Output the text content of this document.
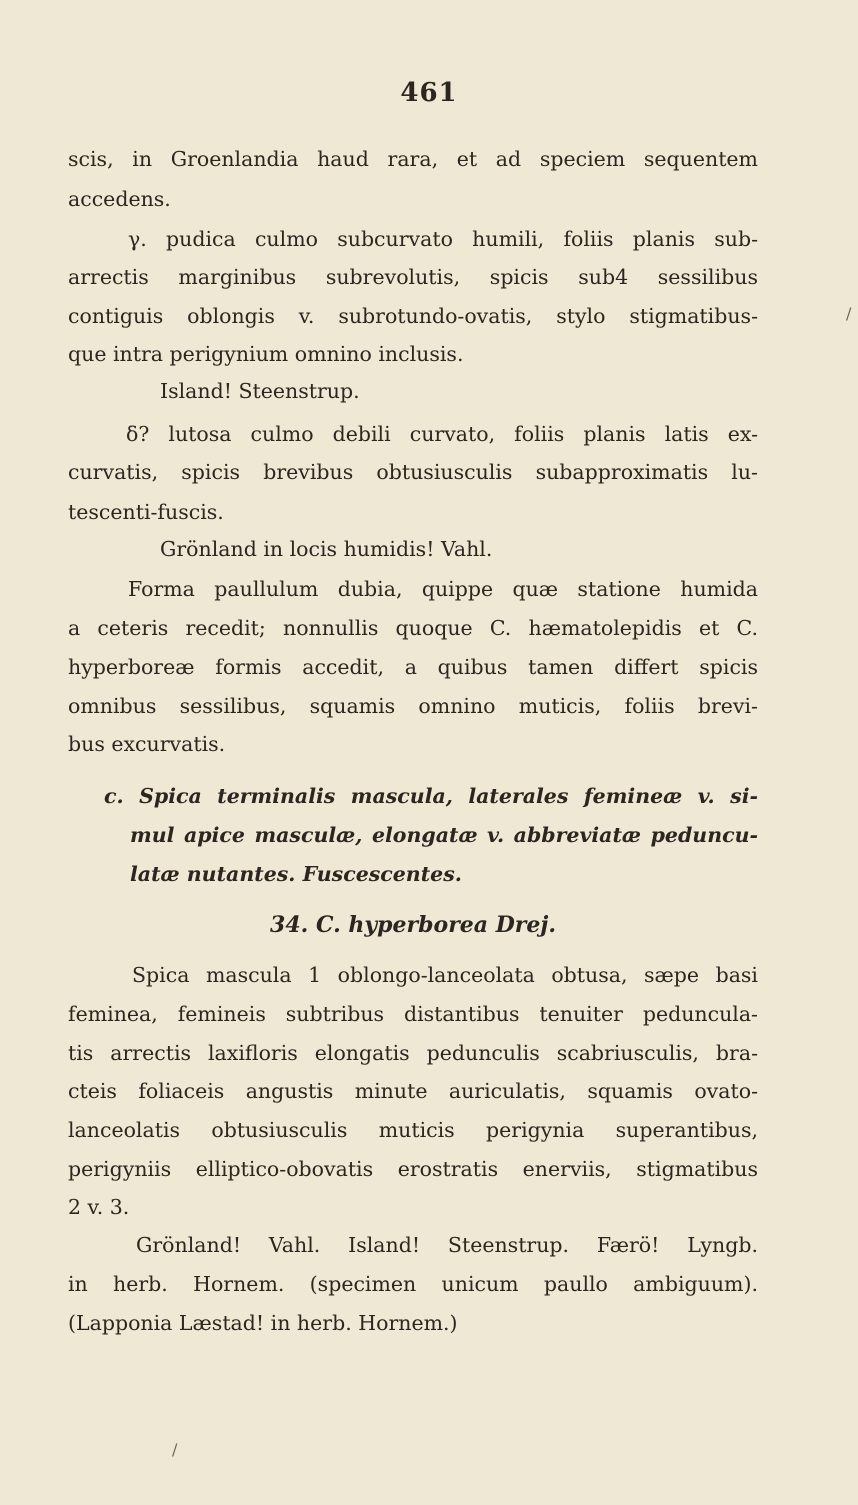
461
scis, in Groenlandia haud rara, et ad speciem sequentem
accedens.
γ. pudica culmo subcurvato humili, foliis planis sub-
arrectis marginibus subrevolutis, spicis sub4 sessilibus
contiguis oblongis v. subrotundo-ovatis, stylo stigmatibus-
que intra perigynium omnino inclusis.
Island! Steenstrup.
δ? lutosa culmo debili curvato, foliis planis latis ex-
curvatis, spicis brevibus obtusiusculis subapproximatis lu-
tescenti-fuscis.
Grönland in locis humidis! Vahl.
Forma paullulum dubia, quippe quæ statione humida
a ceteris recedit; nonnullis quoque C. hæmatolepidis et C.
hyperboreæ formis accedit, a quibus tamen differt spicis
omnibus sessilibus, squamis omnino muticis, foliis brevi-
bus excurvatis.
c. Spica terminalis mascula, laterales femineæ v. si-
mul apice masculæ, elongatæ v. abbreviatæ peduncu-
latæ nutantes. Fuscescentes.
34. C. hyperborea Drej.
Spica mascula 1 oblongo-lanceolata obtusa, sæpe basi
feminea, femineis subtribus distantibus tenuiter peduncula-
tis arrectis laxifloris elongatis pedunculis scabriusculis, bra-
cteis foliaceis angustis minute auriculatis, squamis ovato-
lanceolatis obtusiusculis muticis perigynia superantibus,
perigyniis elliptico-obovatis erostratis enerviis, stigmatibus
2 v. 3.
Grönland! Vahl. Island! Steenstrup. Færö! Lyngb.
in herb. Hornem. (specimen unicum paullo ambiguum).
(Lapponia Læstad! in herb. Hornem.)
/
/
